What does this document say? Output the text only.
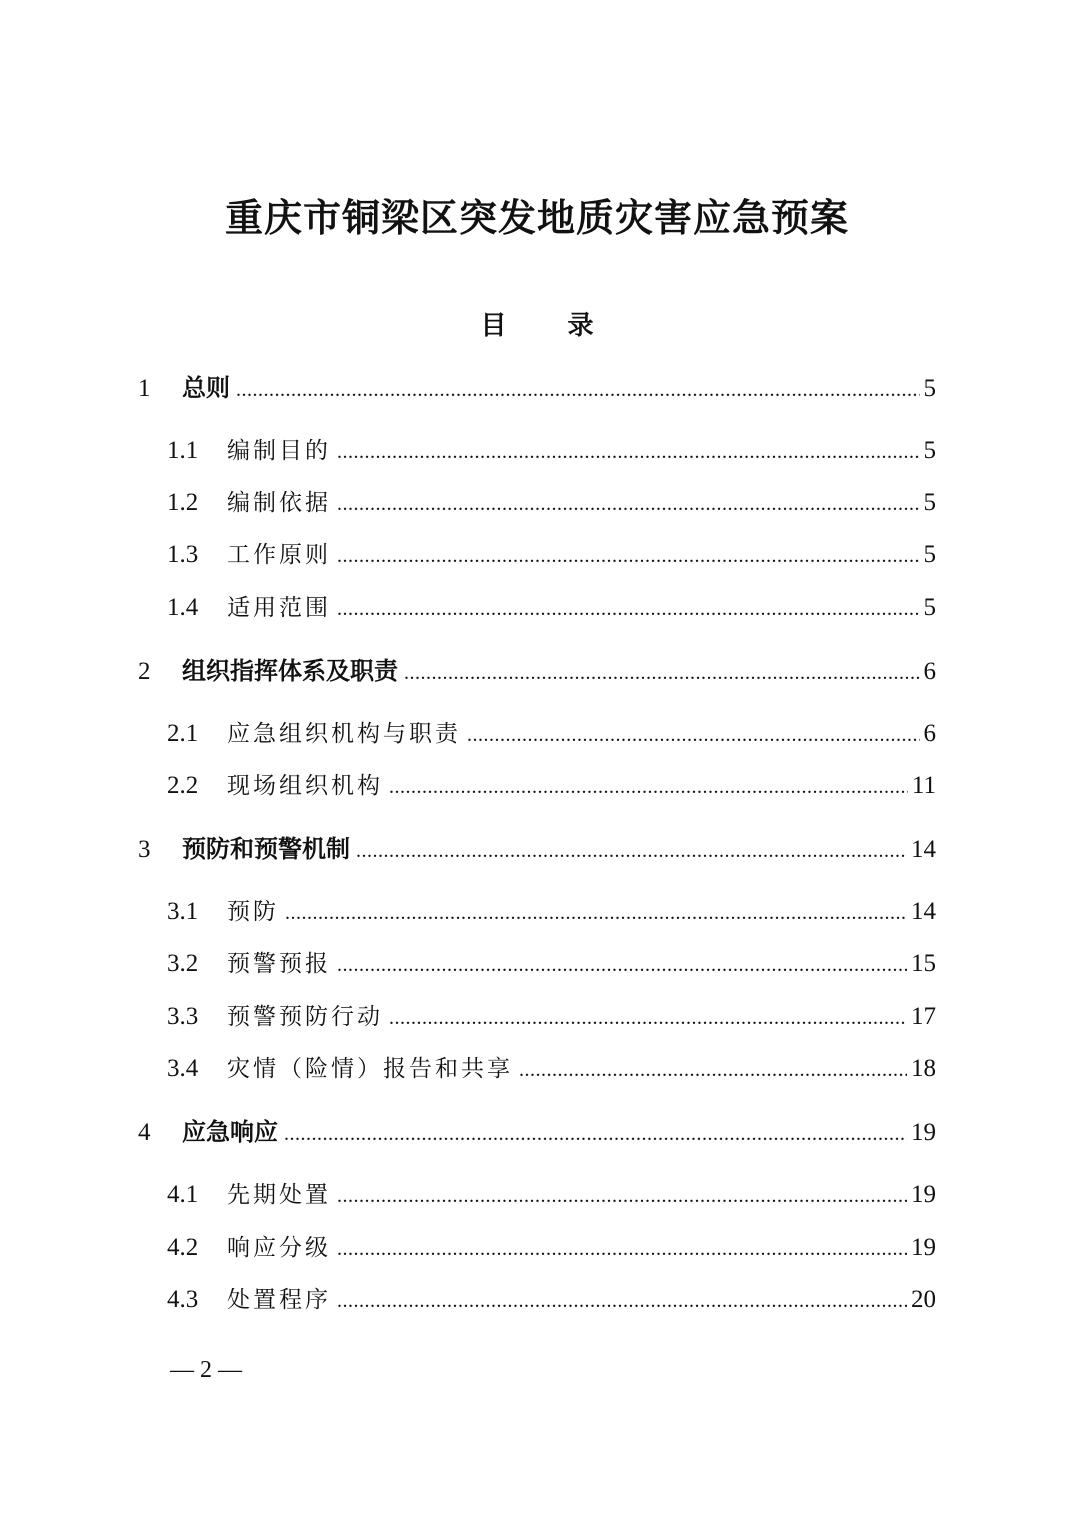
重庆市铜梁区突发地质灾害应急预案
目 录
1	总则 .....	5
1.1	编制目的 .....	5
1.2	编制依据 .....	5
1.3	工作原则 .....	5
1.4	适用范围 .....	5
2	组织指挥体系及职责 .....	6
2.1	应急组织机构与职责 .....	6
2.2	现场组织机构 .....	11
3	预防和预警机制 .....	14
3.1	预防 .....	14
3.2	预警预报 .....	15
3.3	预警预防行动 .....	17
3.4	灾情（险情）报告和共享 .....	18
4	应急响应 .....	19
4.1	先期处置 .....	19
4.2	响应分级 .....	19
4.3	处置程序 .....	20
— 2 —
